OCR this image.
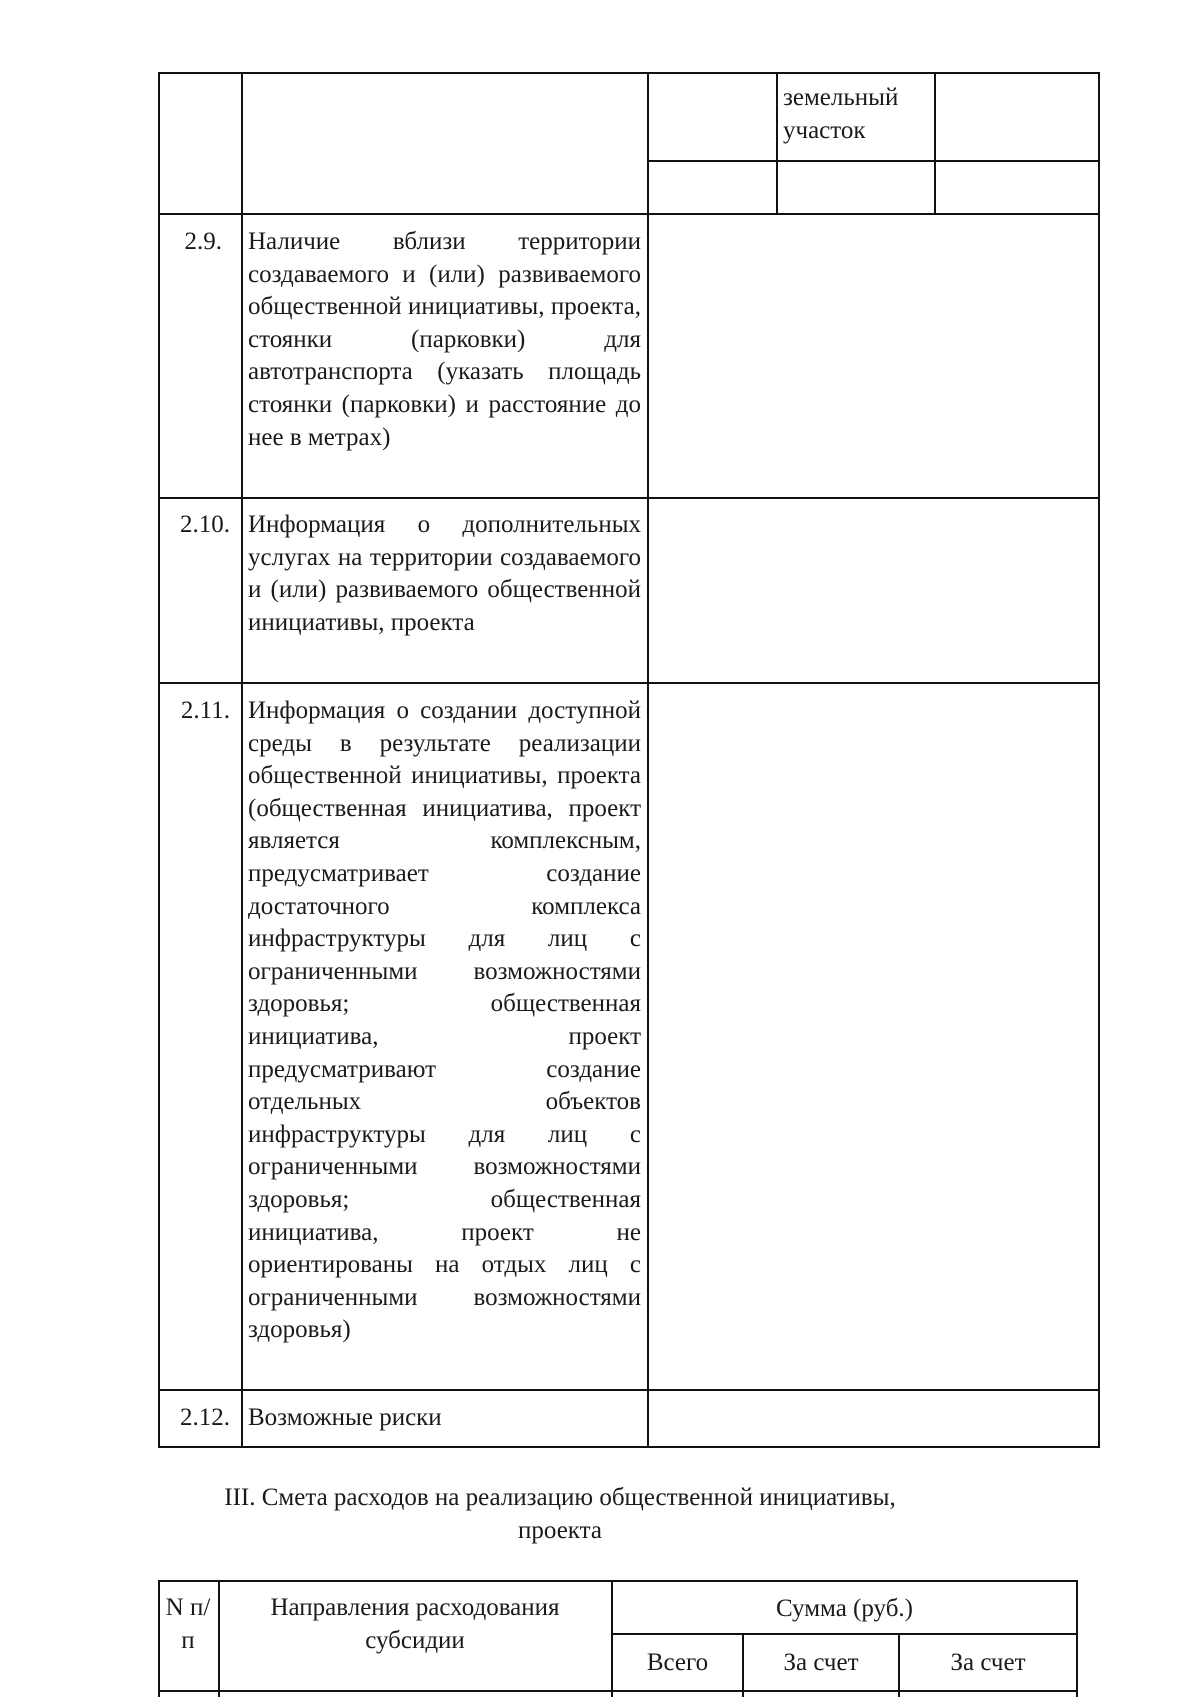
земельный участок
2.9. Наличие вблизи территории создаваемого и (или) развиваемого общественной инициативы, проекта, стоянки (парковки) для автотранспорта (указать площадь стоянки (парковки) и расстояние до нее в метрах)
2.10. Информация о дополнительных услугах на территории создаваемого и (или) развиваемого общественной инициативы, проекта
2.11. Информация о создании доступной среды в результате реализации общественной инициативы, проекта (общественная инициатива, проект является комплексным, предусматривает создание достаточного комплекса инфраструктуры для лиц с ограниченными возможностями здоровья; общественная инициатива, проект предусматривают создание отдельных объектов инфраструктуры для лиц с ограниченными возможностями здоровья; общественная инициатива, проект не ориентированы на отдых лиц с ограниченными возможностями здоровья)
2.12. Возможные риски
III. Смета расходов на реализацию общественной инициативы,
проекта
N п/п
Направления расходования субсидии
Сумма (руб.)
Всего	За счет	За счет
